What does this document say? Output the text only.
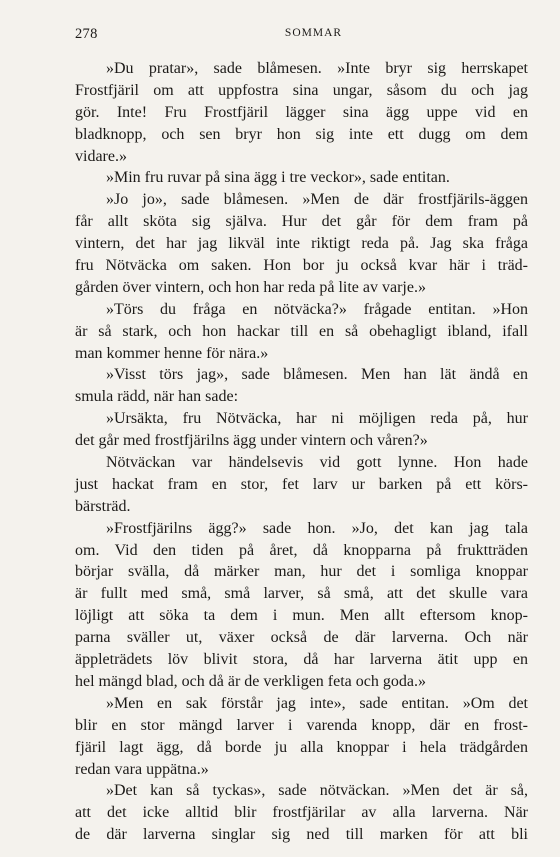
278	SOMMAR
»Du pratar», sade blåmesen. »Inte bryr sig herrskapet
Frostfjäril om att uppfostra sina ungar, såsom du och jag
gör. Inte! Fru Frostfjäril lägger sina ägg uppe vid en
bladknopp, och sen bryr hon sig inte ett dugg om dem
vidare.»
»Min fru ruvar på sina ägg i tre veckor», sade entitan.
»Jo jo», sade blåmesen. »Men de där frostfjärils-äggen
får allt sköta sig själva. Hur det går för dem fram på
vintern, det har jag likväl inte riktigt reda på. Jag ska fråga
fru Nötväcka om saken. Hon bor ju också kvar här i träd-
gården över vintern, och hon har reda på lite av varje.»
»Törs du fråga en nötväcka?» frågade entitan. »Hon
är så stark, och hon hackar till en så obehagligt ibland, ifall
man kommer henne för nära.»
»Visst törs jag», sade blåmesen. Men han lät ändå en
smula rädd, när han sade:
»Ursäkta, fru Nötväcka, har ni möjligen reda på, hur
det går med frostfjärilns ägg under vintern och våren?»
Nötväckan var händelsevis vid gott lynne. Hon hade
just hackat fram en stor, fet larv ur barken på ett körs-
bärsträd.
»Frostfjärilns ägg?» sade hon. »Jo, det kan jag tala
om. Vid den tiden på året, då knopparna på fruktträden
börjar svälla, då märker man, hur det i somliga knoppar
är fullt med små, små larver, så små, att det skulle vara
löjligt att söka ta dem i mun. Men allt eftersom knop-
parna sväller ut, växer också de där larverna. Och när
äppleträdets löv blivit stora, då har larverna ätit upp en
hel mängd blad, och då är de verkligen feta och goda.»
»Men en sak förstår jag inte», sade entitan. »Om det
blir en stor mängd larver i varenda knopp, där en frost-
fjäril lagt ägg, då borde ju alla knoppar i hela trädgården
redan vara uppätna.»
»Det kan så tyckas», sade nötväckan. »Men det är så,
att det icke alltid blir frostfjärilar av alla larverna. När
de där larverna singlar sig ned till marken för att bli
